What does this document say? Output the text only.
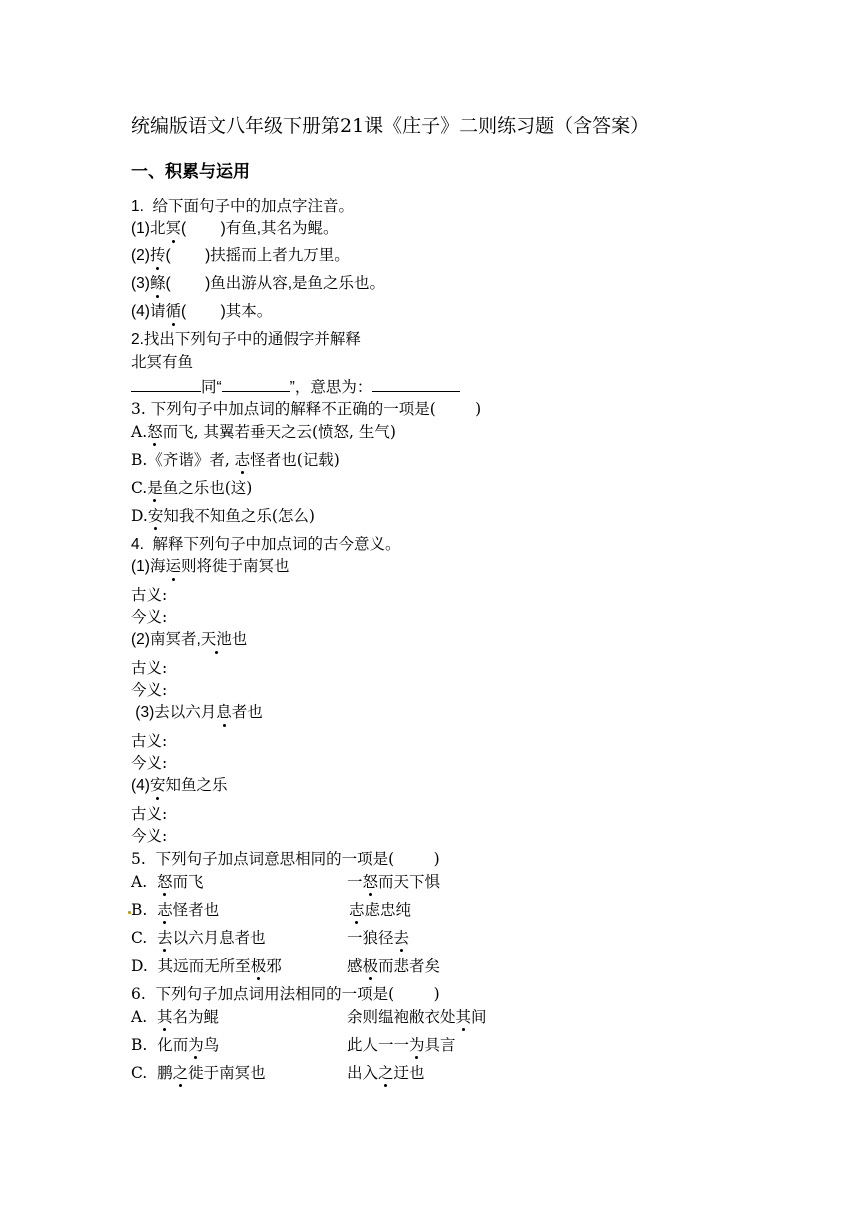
统编版语文八年级下册第21课《庄子》二则练习题（含答案）
一、积累与运用
1.  给下面句子中的加点字注音。
(1)北冥(        )有鱼,其名为鲲。
(2)抟(        )扶摇而上者九万里。
(3)鲦(        )鱼出游从容,是鱼之乐也。
(4)请循(        )其本。
2.找出下列句子中的通假字并解释
北冥有鱼
同“	”，意思为：
3. 下列句子中加点词的解释不正确的一项是(        )
A.怒而飞, 其翼若垂天之云(愤怒, 生气)
B.《齐谐》者, 志怪者也(记载)
C.是鱼之乐也(这)
D.安知我不知鱼之乐(怎么)
4.  解释下列句子中加点词的古今意义。
(1)海运则将徙于南冥也
古义:
今义:
(2)南冥者,天池也
古义:
今义:
(3)去以六月息者也
古义:
今义:
(4)安知鱼之乐
古义:
今义:
5.  下列句子加点词意思相同的一项是(        )
A. 怒而飞	一怒而天下惧
B. 志怪者也	志虑忠纯
C. 去以六月息者也	一狼径去
D. 其远而无所至极邪	感极而悲者矣
6.  下列句子加点词用法相同的一项是(        )
A. 其名为鲲	余则缊袍敝衣处其间
B. 化而为鸟	此人一一为具言
C. 鹏之徙于南冥也	出入之迂也
